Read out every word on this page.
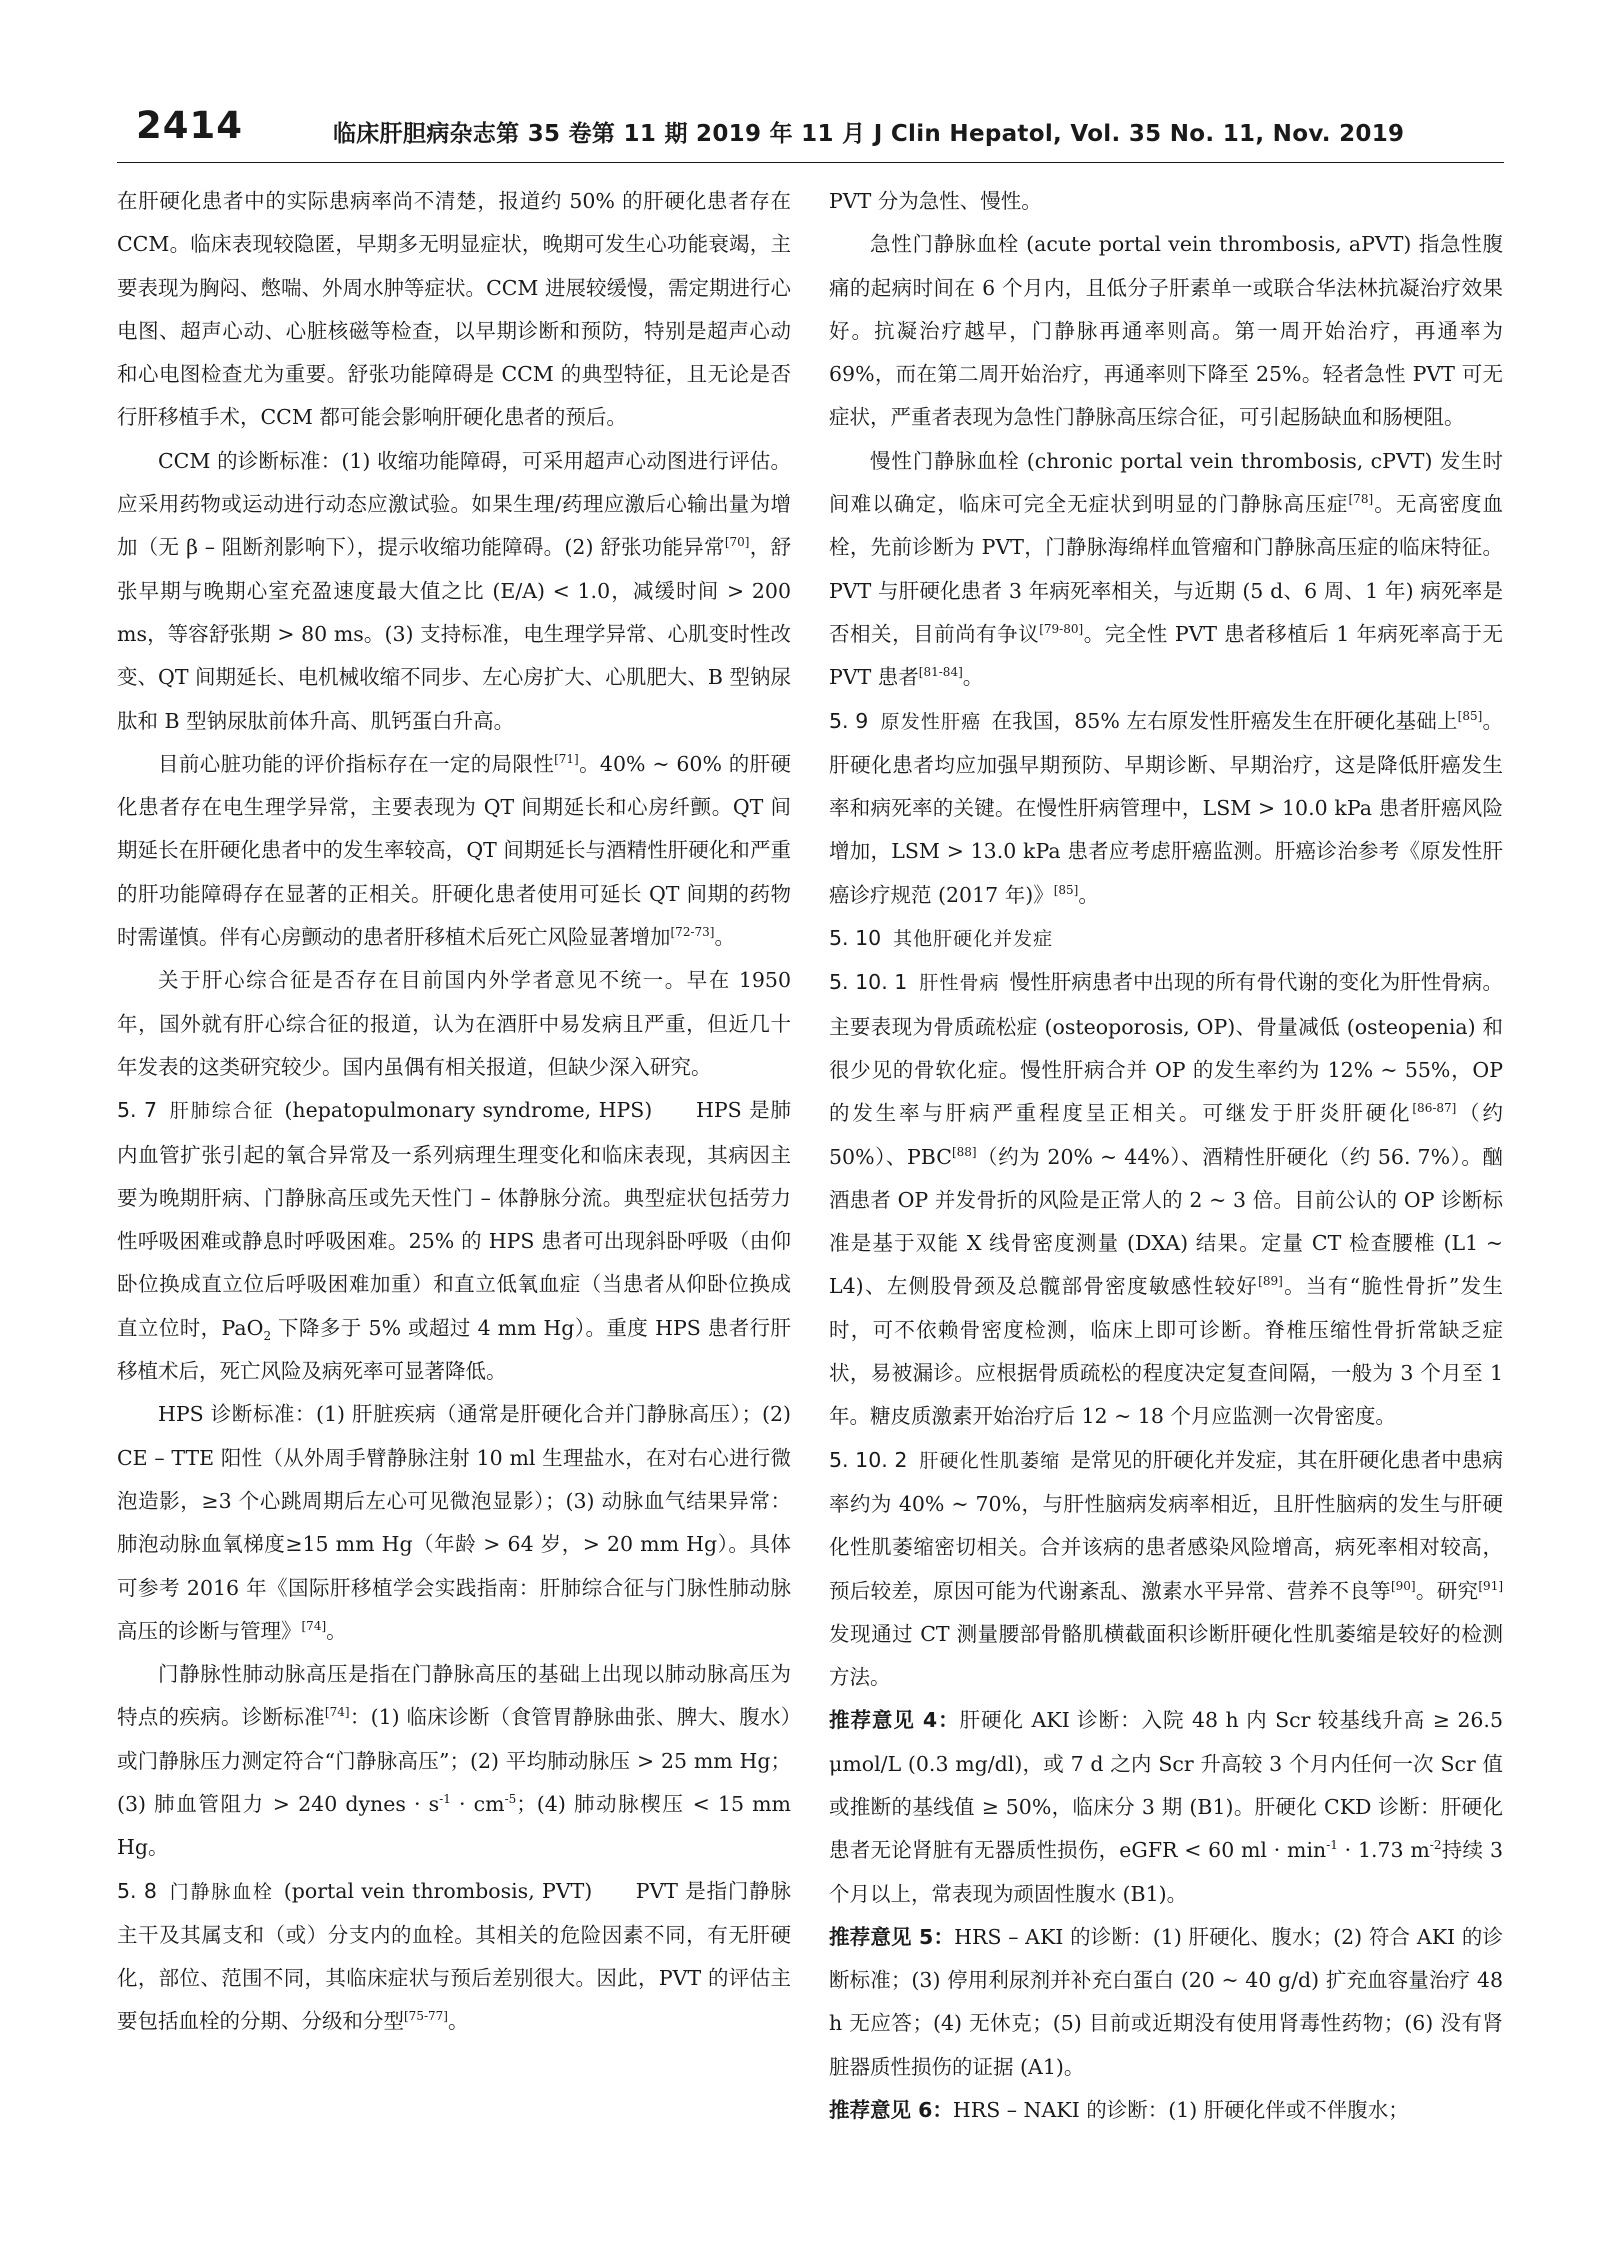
2414	临床肝胆病杂志第 35 卷第 11 期 2019 年 11 月 J Clin Hepatol, Vol. 35 No. 11, Nov. 2019

在肝硬化患者中的实际患病率尚不清楚，报道约 50% 的肝硬化患者存在 CCM。临床表现较隐匿，早期多无明显症状，晚期可发生心功能衰竭，主要表现为胸闷、憋喘、外周水肿等症状。CCM 进展较缓慢，需定期进行心电图、超声心动、心脏核磁等检查，以早期诊断和预防，特别是超声心动和心电图检查尤为重要。舒张功能障碍是 CCM 的典型特征，且无论是否行肝移植手术，CCM 都可能会影响肝硬化患者的预后。

CCM 的诊断标准：(1) 收缩功能障碍，可采用超声心动图进行评估。应采用药物或运动进行动态应激试验。如果生理/药理应激后心输出量为增加（无 β – 阻断剂影响下），提示收缩功能障碍。(2) 舒张功能异常[70]，舒张早期与晚期心室充盈速度最大值之比 (E/A) < 1.0，减缓时间 > 200 ms，等容舒张期 > 80 ms。(3) 支持标准，电生理学异常、心肌变时性改变、QT 间期延长、电机械收缩不同步、左心房扩大、心肌肥大、B 型钠尿肽和 B 型钠尿肽前体升高、肌钙蛋白升高。

目前心脏功能的评价指标存在一定的局限性[71]。40% ~ 60% 的肝硬化患者存在电生理学异常，主要表现为 QT 间期延长和心房纤颤。QT 间期延长在肝硬化患者中的发生率较高，QT 间期延长与酒精性肝硬化和严重的肝功能障碍存在显著的正相关。肝硬化患者使用可延长 QT 间期的药物时需谨慎。伴有心房颤动的患者肝移植术后死亡风险显著增加[72-73]。

关于肝心综合征是否存在目前国内外学者意见不统一。早在 1950 年，国外就有肝心综合征的报道，认为在酒肝中易发病且严重，但近几十年发表的这类研究较少。国内虽偶有相关报道，但缺少深入研究。

5. 7 肝肺综合征 (hepatopulmonary syndrome, HPS)　　HPS 是肺内血管扩张引起的氧合异常及一系列病理生理变化和临床表现，其病因主要为晚期肝病、门静脉高压或先天性门 – 体静脉分流。典型症状包括劳力性呼吸困难或静息时呼吸困难。25% 的 HPS 患者可出现斜卧呼吸（由仰卧位换成直立位后呼吸困难加重）和直立低氧血症（当患者从仰卧位换成直立位时，PaO$_2$ 下降多于 5% 或超过 4 mm Hg）。重度 HPS 患者行肝移植术后，死亡风险及病死率可显著降低。

HPS 诊断标准：(1) 肝脏疾病（通常是肝硬化合并门静脉高压）；(2) CE – TTE 阳性（从外周手臂静脉注射 10 ml 生理盐水，在对右心进行微泡造影，≥3 个心跳周期后左心可见微泡显影）；(3) 动脉血气结果异常：肺泡动脉血氧梯度≥15 mm Hg（年龄 > 64 岁，> 20 mm Hg）。具体可参考 2016 年《国际肝移植学会实践指南：肝肺综合征与门脉性肺动脉高压的诊断与管理》[74]。

门静脉性肺动脉高压是指在门静脉高压的基础上出现以肺动脉高压为特点的疾病。诊断标准[74]：(1) 临床诊断（食管胃静脉曲张、脾大、腹水）或门静脉压力测定符合“门静脉高压”；(2) 平均肺动脉压 > 25 mm Hg；(3) 肺血管阻力 > 240 dynes · $s^{-1} \cdot cm^{-5}$；(4) 肺动脉楔压 < 15 mm Hg。

5. 8 门静脉血栓 (portal vein thrombosis, PVT)　　PVT 是指门静脉主干及其属支和（或）分支内的血栓。其相关的危险因素不同，有无肝硬化，部位、范围不同，其临床症状与预后差别很大。因此，PVT 的评估主要包括血栓的分期、分级和分型[75-77]。

PVT 分为急性、慢性。

急性门静脉血栓 (acute portal vein thrombosis, aPVT) 指急性腹痛的起病时间在 6 个月内，且低分子肝素单一或联合华法林抗凝治疗效果好。抗凝治疗越早，门静脉再通率则高。第一周开始治疗，再通率为 69%，而在第二周开始治疗，再通率则下降至 25%。轻者急性 PVT 可无症状，严重者表现为急性门静脉高压综合征，可引起肠缺血和肠梗阻。

慢性门静脉血栓 (chronic portal vein thrombosis, cPVT) 发生时间难以确定，临床可完全无症状到明显的门静脉高压症[78]。无高密度血栓，先前诊断为 PVT，门静脉海绵样血管瘤和门静脉高压症的临床特征。PVT 与肝硬化患者 3 年病死率相关，与近期 (5 d、6 周、1 年) 病死率是否相关，目前尚有争议[79-80]。完全性 PVT 患者移植后 1 年病死率高于无 PVT 患者[81-84]。

5. 9 原发性肝癌 在我国，85% 左右原发性肝癌发生在肝硬化基础上[85]。肝硬化患者均应加强早期预防、早期诊断、早期治疗，这是降低肝癌发生率和病死率的关键。在慢性肝病管理中，LSM > 10.0 kPa 患者肝癌风险增加，LSM > 13.0 kPa 患者应考虑肝癌监测。肝癌诊治参考《原发性肝癌诊疗规范 (2017 年)》[85]。

5. 10 其他肝硬化并发症

5. 10. 1 肝性骨病 慢性肝病患者中出现的所有骨代谢的变化为肝性骨病。主要表现为骨质疏松症 (osteoporosis, OP)、骨量减低 (osteopenia) 和很少见的骨软化症。慢性肝病合并 OP 的发生率约为 12% ~ 55%，OP 的发生率与肝病严重程度呈正相关。可继发于肝炎肝硬化[86-87]（约 50%）、PBC[88]（约为 20% ~ 44%）、酒精性肝硬化（约 56. 7%）。酗酒患者 OP 并发骨折的风险是正常人的 2 ~ 3 倍。目前公认的 OP 诊断标准是基于双能 X 线骨密度测量 (DXA) 结果。定量 CT 检查腰椎 (L1 ~ L4)、左侧股骨颈及总髋部骨密度敏感性较好[89]。当有“脆性骨折”发生时，可不依赖骨密度检测，临床上即可诊断。脊椎压缩性骨折常缺乏症状，易被漏诊。应根据骨质疏松的程度决定复查间隔，一般为 3 个月至 1 年。糖皮质激素开始治疗后 12 ~ 18 个月应监测一次骨密度。

5. 10. 2 肝硬化性肌萎缩 是常见的肝硬化并发症，其在肝硬化患者中患病率约为 40% ~ 70%，与肝性脑病发病率相近，且肝性脑病的发生与肝硬化性肌萎缩密切相关。合并该病的患者感染风险增高，病死率相对较高，预后较差，原因可能为代谢紊乱、激素水平异常、营养不良等[90]。研究[91]发现通过 CT 测量腰部骨骼肌横截面积诊断肝硬化性肌萎缩是较好的检测方法。

推荐意见 4：肝硬化 AKI 诊断：入院 48 h 内 Scr 较基线升高 ≥ 26.5 μmol/L (0.3 mg/dl)，或 7 d 之内 Scr 升高较 3 个月内任何一次 Scr 值或推断的基线值 ≥ 50%，临床分 3 期 (B1)。肝硬化 CKD 诊断：肝硬化患者无论肾脏有无器质性损伤，eGFR < 60 ml · $\min^{-1} \cdot 1.73$ $m^{-2}$持续 3 个月以上，常表现为顽固性腹水 (B1)。

推荐意见 5：HRS – AKI 的诊断：(1) 肝硬化、腹水；(2) 符合 AKI 的诊断标准；(3) 停用利尿剂并补充白蛋白 (20 ~ 40 g/d) 扩充血容量治疗 48 h 无应答；(4) 无休克；(5) 目前或近期没有使用肾毒性药物；(6) 没有肾脏器质性损伤的证据 (A1)。

推荐意见 6：HRS – NAKI 的诊断：(1) 肝硬化伴或不伴腹水；
